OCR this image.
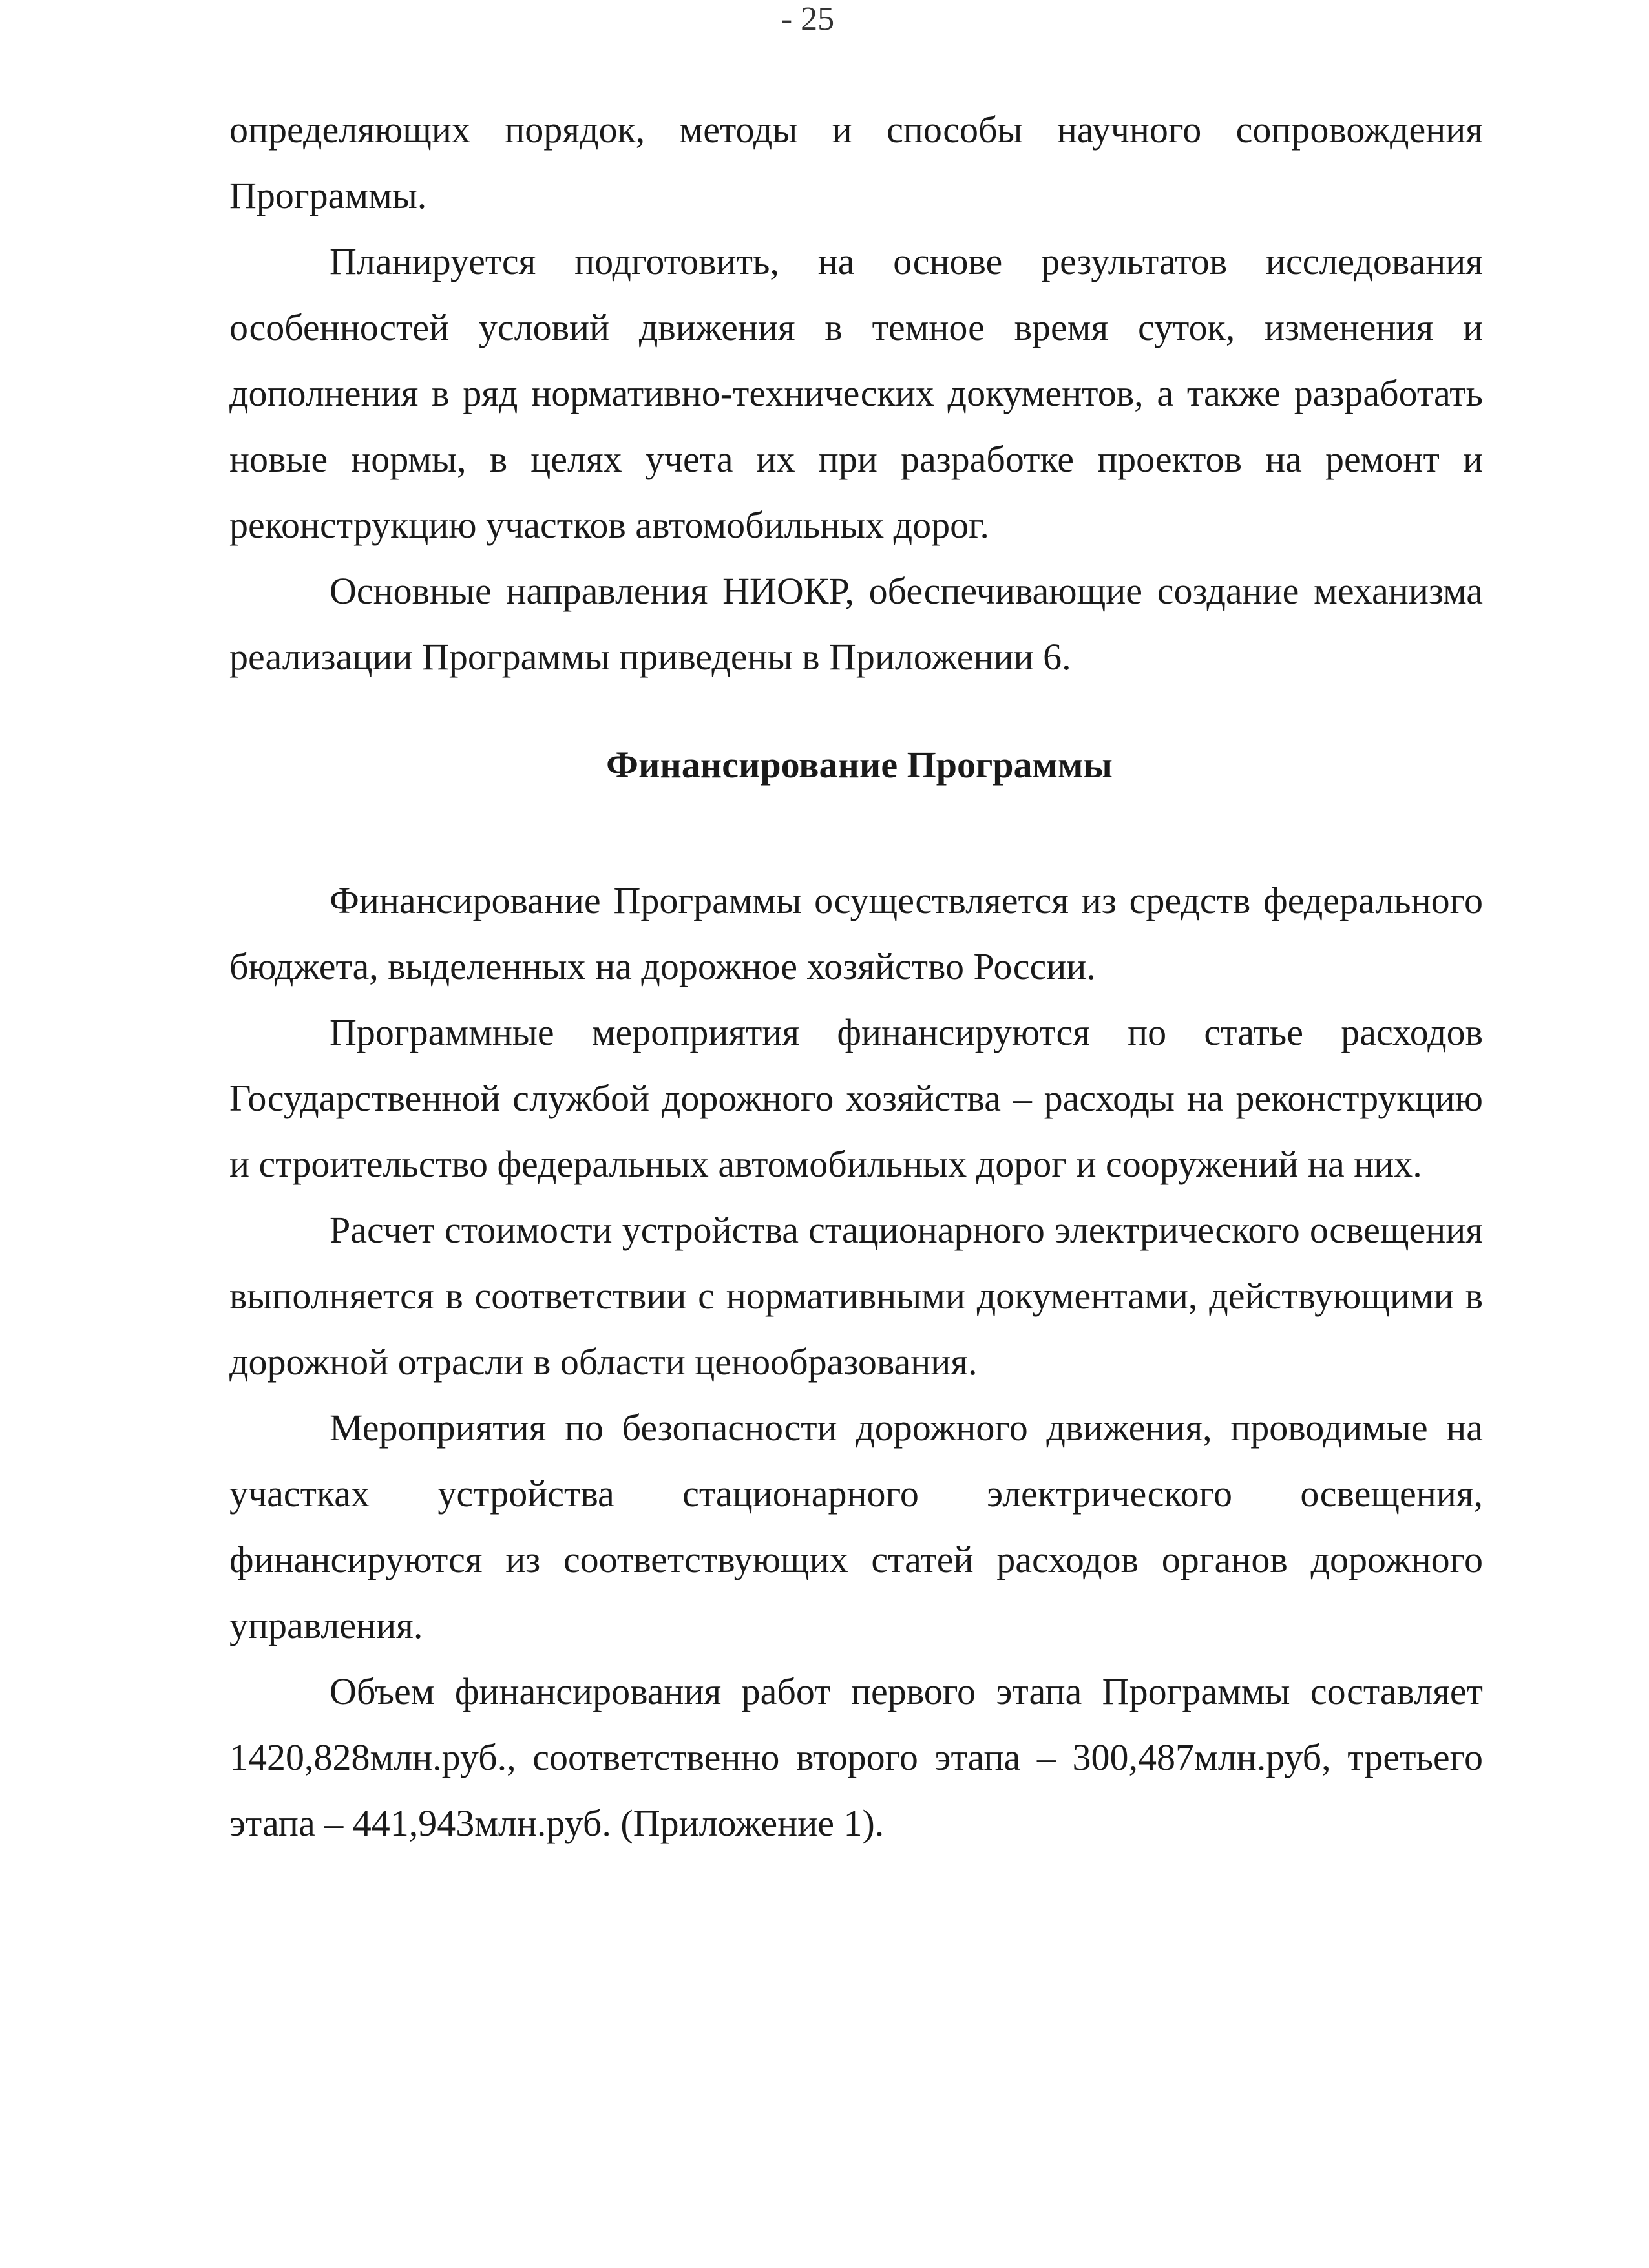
- 25

определяющих порядок, методы и способы научного сопровождения Программы.

Планируется подготовить, на основе результатов исследования особенностей условий движения в темное время суток, изменения и дополнения в ряд нормативно-технических документов, а также разработать новые нормы, в целях учета их при разработке проектов на ремонт и реконструкцию участков автомобильных дорог.

Основные направления НИОКР, обеспечивающие создание механизма реализации Программы приведены в Приложении 6.

Финансирование Программы

Финансирование Программы осуществляется из средств федерального бюджета, выделенных на дорожное хозяйство России.

Программные мероприятия финансируются по статье расходов Государственной службой дорожного хозяйства – расходы на реконструкцию и строительство федеральных автомобильных дорог и сооружений на них.

Расчет стоимости устройства стационарного электрического освещения выполняется в соответствии с нормативными документами, действующими в дорожной отрасли в области ценообразования.

Мероприятия по безопасности дорожного движения, проводимые на участках устройства стационарного электрического освещения, финансируются из соответствующих статей расходов органов дорожного управления.

Объем финансирования работ первого этапа Программы составляет 1420,828млн.руб., соответственно второго этапа – 300,487млн.руб, третьего этапа – 441,943млн.руб. (Приложение 1).
